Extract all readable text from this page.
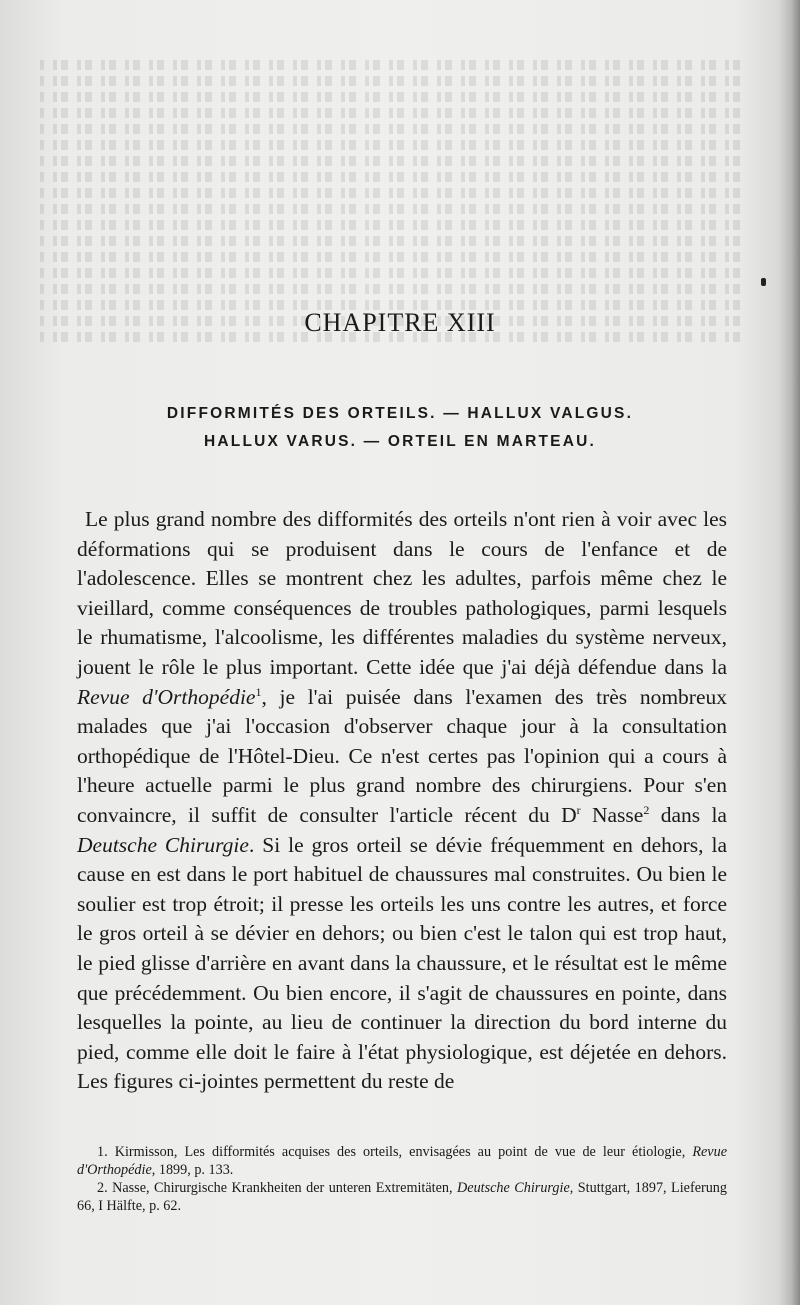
CHAPITRE XIII
DIFFORMITÉS DES ORTEILS. — HALLUX VALGUS.
HALLUX VARUS. — ORTEIL EN MARTEAU.

Le plus grand nombre des difformités des orteils n'ont rien à voir avec les déformations qui se produisent dans le cours de l'enfance et de l'adolescence. Elles se montrent chez les adultes, parfois même chez le vieillard, comme conséquences de troubles pathologiques, parmi lesquels le rhumatisme, l'alcoolisme, les différentes maladies du système nerveux, jouent le rôle le plus important. Cette idée que j'ai déjà défendue dans la Revue d'Orthopédie$^1$, je l'ai puisée dans l'examen des très nombreux malades que j'ai l'occasion d'observer chaque jour à la consultation orthopédique de l'Hôtel-Dieu. Ce n'est certes pas l'opinion qui a cours à l'heure actuelle parmi le plus grand nombre des chirurgiens. Pour s'en convaincre, il suffit de consulter l'article récent du $D^r$ Nasse$^2$ dans la Deutsche Chirurgie. Si le gros orteil se dévie fréquemment en dehors, la cause en est dans le port habituel de chaussures mal construites. Ou bien le soulier est trop étroit; il presse les orteils les uns contre les autres, et force le gros orteil à se dévier en dehors; ou bien c'est le talon qui est trop haut, le pied glisse d'arrière en avant dans la chaussure, et le résultat est le même que précédemment. Ou bien encore, il s'agit de chaussures en pointe, dans lesquelles la pointe, au lieu de continuer la direction du bord interne du pied, comme elle doit le faire à l'état physiologique, est déjetée en dehors. Les figures ci-jointes permettent du reste de

1. Kirmisson, Les difformités acquises des orteils, envisagées au point de vue de leur étiologie, Revue d'Orthopédie, 1899, p. 133.

2. Nasse, Chirurgische Krankheiten der unteren Extremitäten, Deutsche Chirurgie, Stuttgart, 1897, Lieferung 66, I Hälfte, p. 62.
